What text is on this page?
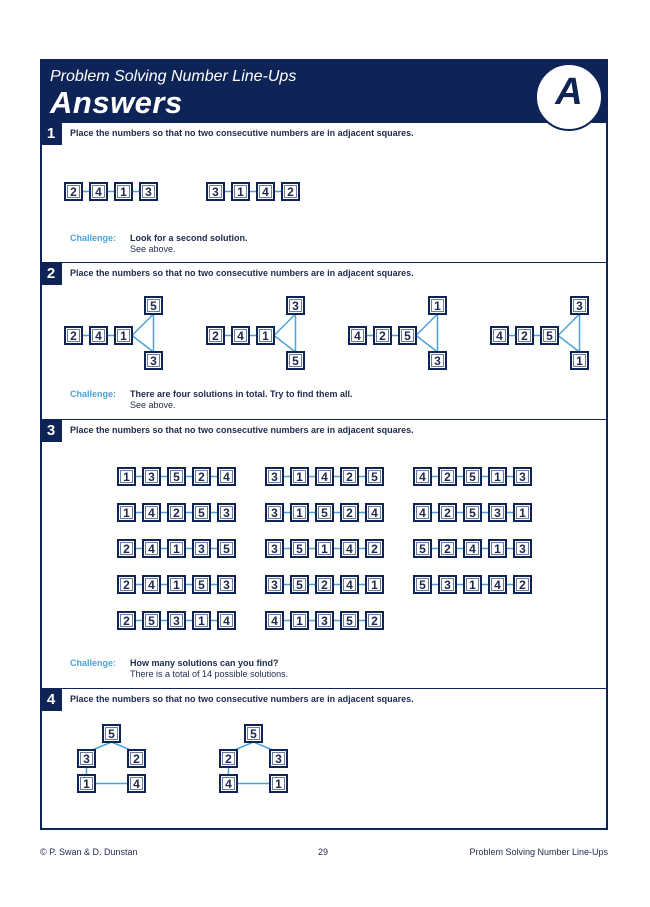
Problem Solving Number Line-Ups
Answers	A
1	Place the numbers so that no two consecutive numbers are in adjacent squares.
2 4 1 3	3 1 4 2
Challenge: Look for a second solution.
See above.
2	Place the numbers so that no two consecutive numbers are in adjacent squares.
2 4 1
5
3
2 4 1
3
5
4 2 5
1
3
4 2 5
3
1
Challenge: There are four solutions in total. Try to find them all.
See above.
3	Place the numbers so that no two consecutive numbers are in adjacent squares.
1 3 5 2 4
1 4 2 5 3
2 4 1 3 5
2 4 1 5 3
2 5 3 1 4
3 1 4 2 5
3 1 5 2 4
3 5 1 4 2
3 5 2 4 1
4 1 3 5 2
4 2 5 1 3
4 2 5 3 1
5 2 4 1 3
5 3 1 4 2
Challenge: How many solutions can you find?
There is a total of 14 possible solutions.
4	Place the numbers so that no two consecutive numbers are in adjacent squares.
5
3	2
1	4
5
2	3
4	1
© P. Swan & D. Dunstan	29	Problem Solving Number Line-Ups
